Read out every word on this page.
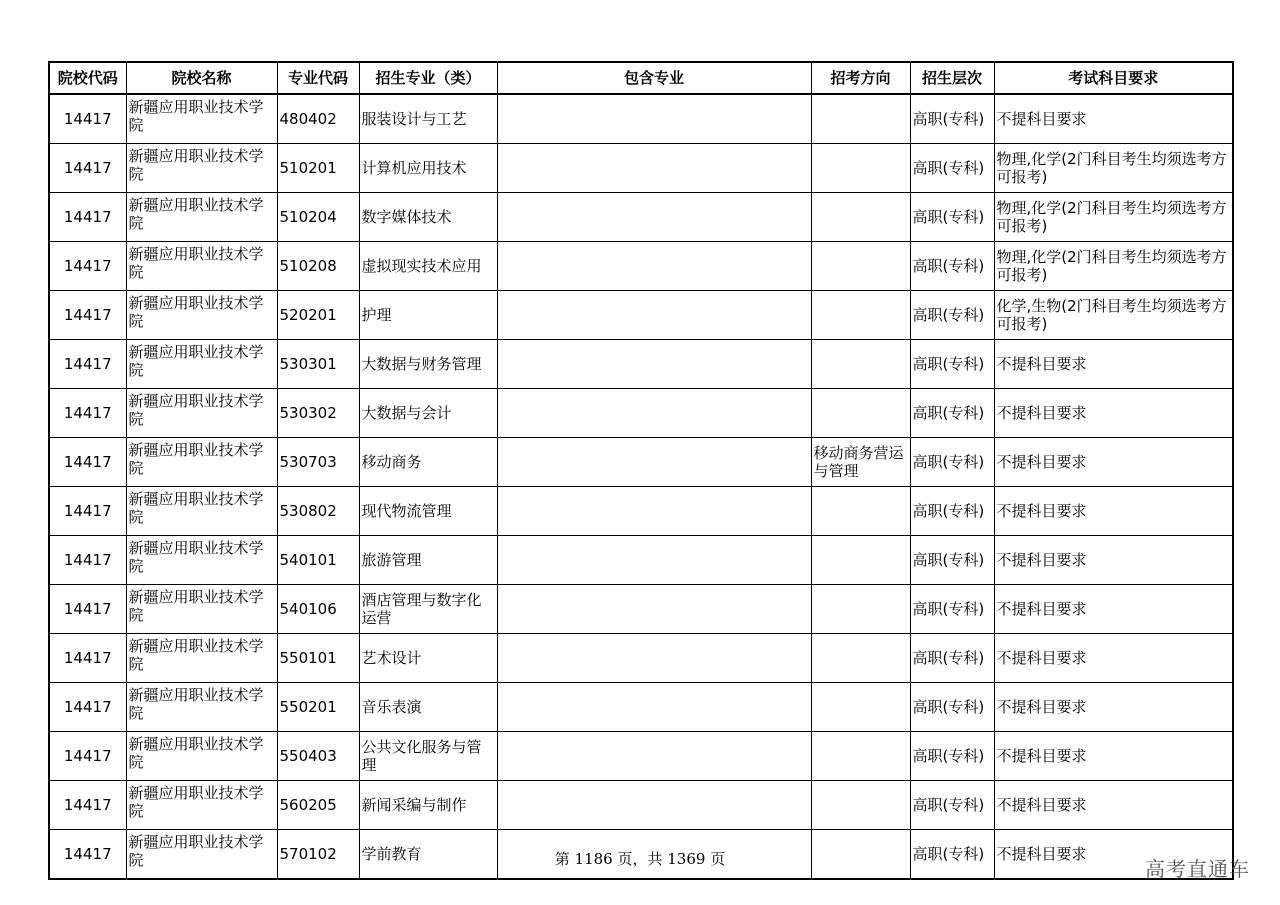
院校代码	院校名称	专业代码	招生专业（类）	包含专业	招考方向	招生层次	考试科目要求
14417	新疆应用职业技术学院	480402	服装设计与工艺			高职(专科)	不提科目要求
14417	新疆应用职业技术学院	510201	计算机应用技术			高职(专科)	物理,化学(2门科目考生均须选考方可报考)
14417	新疆应用职业技术学院	510204	数字媒体技术			高职(专科)	物理,化学(2门科目考生均须选考方可报考)
14417	新疆应用职业技术学院	510208	虚拟现实技术应用			高职(专科)	物理,化学(2门科目考生均须选考方可报考)
14417	新疆应用职业技术学院	520201	护理			高职(专科)	化学,生物(2门科目考生均须选考方可报考)
14417	新疆应用职业技术学院	530301	大数据与财务管理			高职(专科)	不提科目要求
14417	新疆应用职业技术学院	530302	大数据与会计			高职(专科)	不提科目要求
14417	新疆应用职业技术学院	530703	移动商务		移动商务营运与管理	高职(专科)	不提科目要求
14417	新疆应用职业技术学院	530802	现代物流管理			高职(专科)	不提科目要求
14417	新疆应用职业技术学院	540101	旅游管理			高职(专科)	不提科目要求
14417	新疆应用职业技术学院	540106	酒店管理与数字化运营			高职(专科)	不提科目要求
14417	新疆应用职业技术学院	550101	艺术设计			高职(专科)	不提科目要求
14417	新疆应用职业技术学院	550201	音乐表演			高职(专科)	不提科目要求
14417	新疆应用职业技术学院	550403	公共文化服务与管理			高职(专科)	不提科目要求
14417	新疆应用职业技术学院	560205	新闻采编与制作			高职(专科)	不提科目要求
14417	新疆应用职业技术学院	570102	学前教育			高职(专科)	不提科目要求
第 1186 页，共 1369 页	高考直通车
